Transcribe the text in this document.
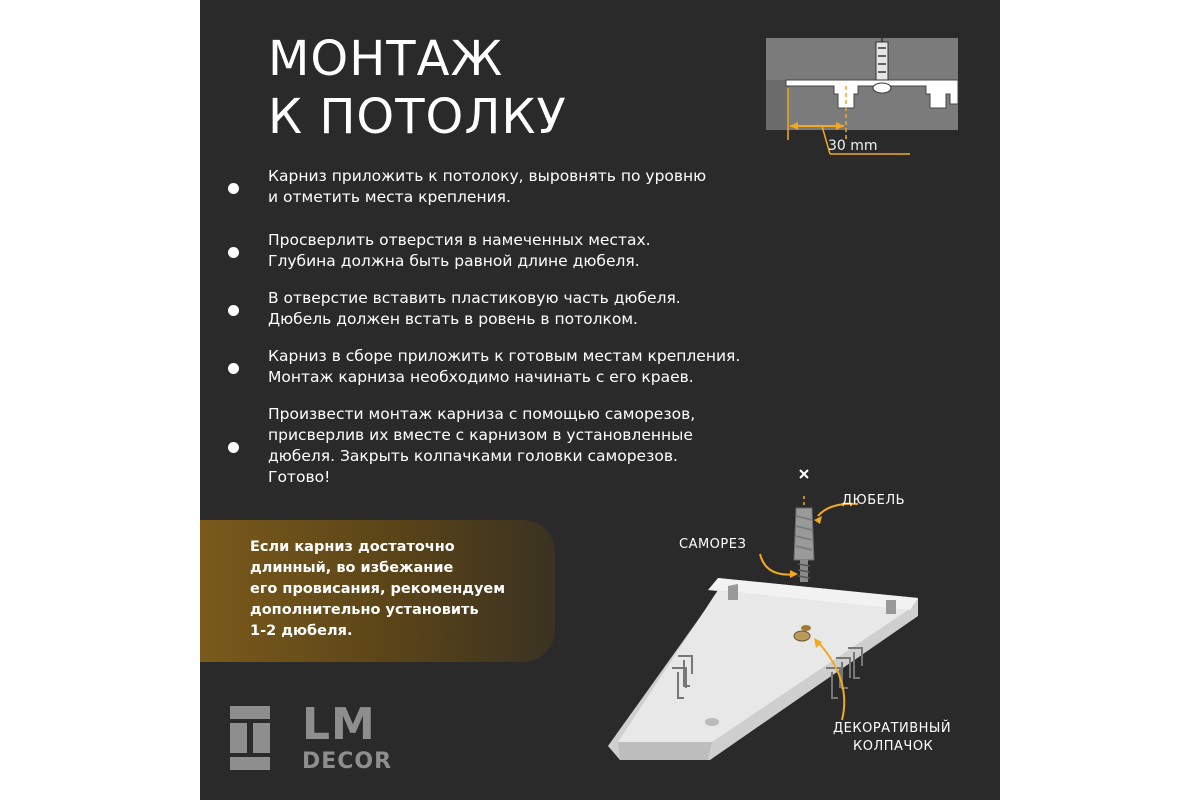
МОНТАЖ
К ПОТОЛКУ
30 mm
Карниз приложить к потолоку, выровнять по уровню
и отметить места крепления.
Просверлить отверстия в намеченных местах.
Глубина должна быть равной длине дюбеля.
В отверстие вставить пластиковую часть дюбеля.
Дюбель должен встать в ровень в потолком.
Карниз в сборе приложить к готовым местам крепления.
Монтаж карниза необходимо начинать с его краев.
Произвести монтаж карниза с помощью саморезов,
присверлив их вместе с карнизом в установленные
дюбеля. Закрыть колпачками головки саморезов.
Готово!
Если карниз достаточно
длинный, во избежание
его провисания, рекомендуем
дополнительно установить
1-2 дюбеля.
ДЮБЕЛЬ
САМОРЕЗ
ДЕКОРАТИВНЫЙ
КОЛПАЧОК
LM
DECOR
